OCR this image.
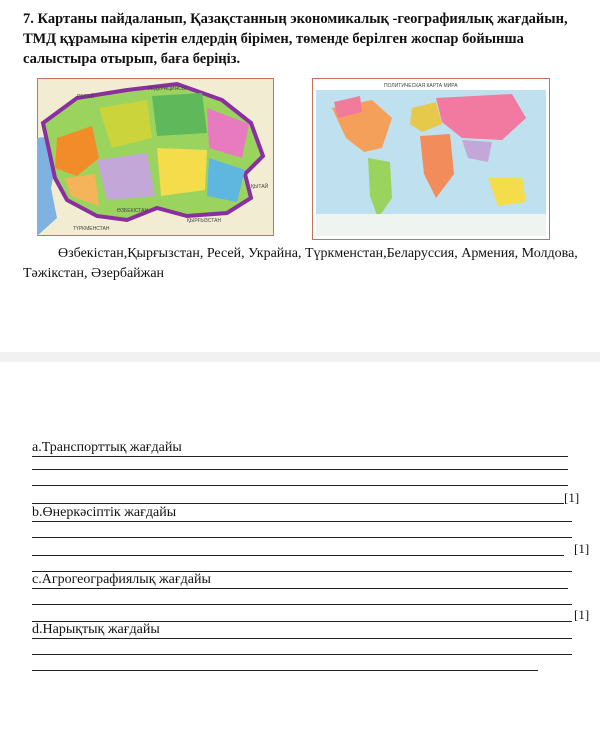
7. Картаны пайдаланып, Қазақстанның экономикалық -географиялық жағдайын, ТМД құрамына кіретін елдердің бірімен, төменде берілген жоспар бойынша салыстыра отырып, баға беріңіз.
РЕСЕЙ
ФЕДЕРАЦИЯСЫ
ҚЫТАЙ
ӨЗБЕКІСТАН
ҚЫРҒЫЗСТАН
ТҮРКМЕНСТАН
ПОЛИТИЧЕСКАЯ КАРТА МИРА
Өзбекістан,Қырғызстан, Ресей, Украйна, Түркменстан,Беларуссия, Армения, Молдова, Тәжікстан, Әзербайжан
a.Транспорттық жағдайы
[1]
b.Өнеркәсіптік жағдайы
[1]
c.Агрогеографиялық жағдайы
[1]
d.Нарықтық жағдайы
